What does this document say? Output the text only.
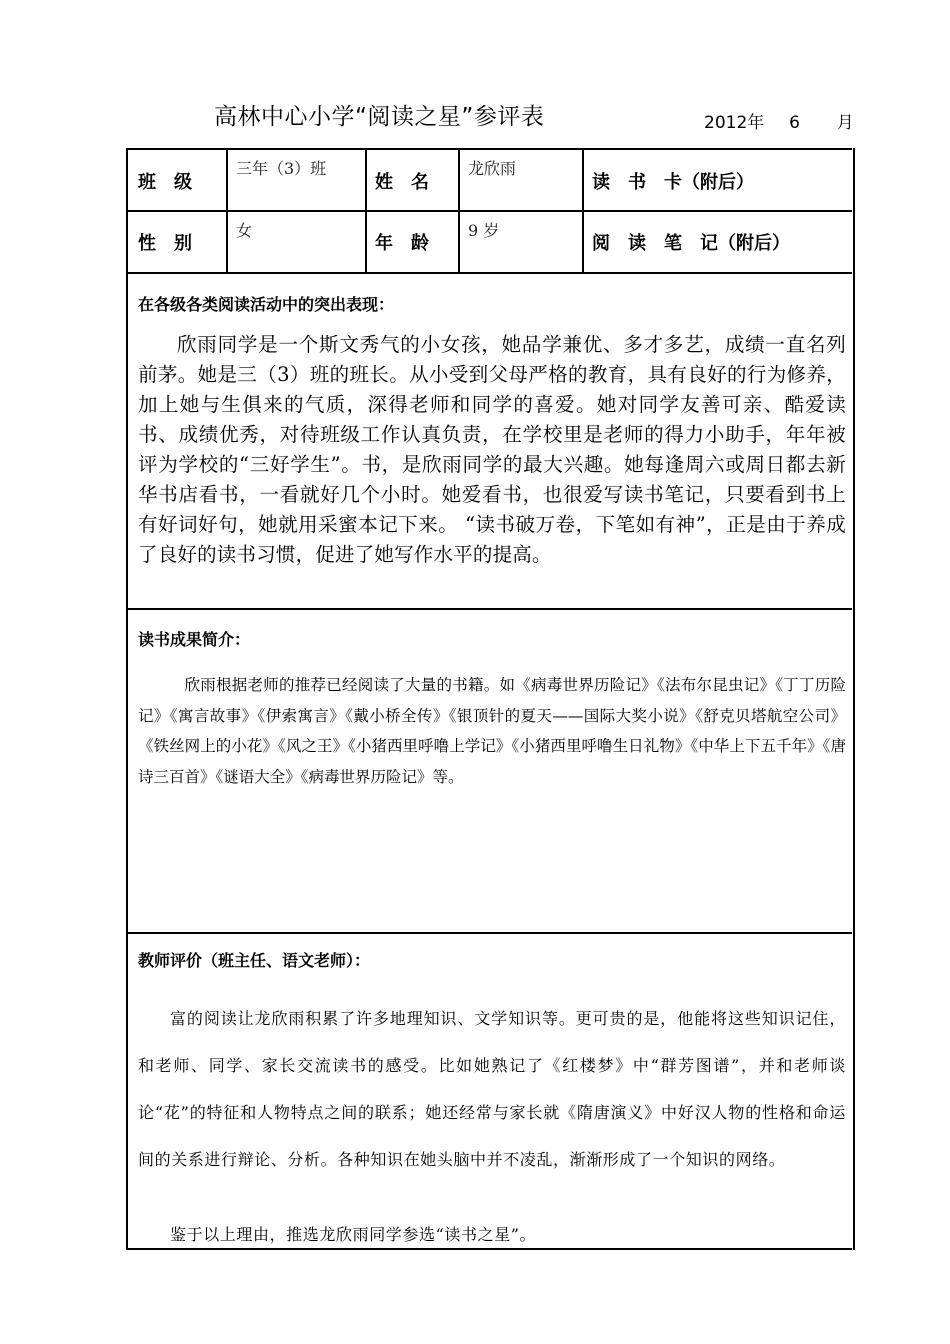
高林中心小学“阅读之星”参评表	2012年 6 月
班　级
三年（3）班
姓　名
龙欣雨
读　书　卡（附后）
性　别
女
年　龄
9 岁
阅　读　笔　记（附后）
在各级各类阅读活动中的突出表现：
欣雨同学是一个斯文秀气的小女孩，她品学兼优、多才多艺，成绩一直名列前茅。她是三（3）班的班长。从小受到父母严格的教育，具有良好的行为修养，加上她与生俱来的气质，深得老师和同学的喜爱。她对同学友善可亲、酷爱读书、成绩优秀，对待班级工作认真负责，在学校里是老师的得力小助手，年年被评为学校的“三好学生”。书，是欣雨同学的最大兴趣。她每逢周六或周日都去新华书店看书，一看就好几个小时。她爱看书，也很爱写读书笔记，只要看到书上有好词好句，她就用采蜜本记下来。 “读书破万卷，下笔如有神”，正是由于养成了良好的读书习惯，促进了她写作水平的提高。
读书成果简介：
欣雨根据老师的推荐已经阅读了大量的书籍。如《病毒世界历险记》《法布尔昆虫记》《丁丁历险记》《寓言故事》《伊索寓言》《戴小桥全传》《银顶针的夏天——国际大奖小说》《舒克贝塔航空公司》《铁丝网上的小花》《风之王》《小猪西里呼噜上学记》《小猪西里呼噜生日礼物》《中华上下五千年》《唐诗三百首》《谜语大全》《病毒世界历险记》等。
教师评价（班主任、语文老师）：
富的阅读让龙欣雨积累了许多地理知识、文学知识等。更可贵的是，他能将这些知识记住，和老师、同学、家长交流读书的感受。比如她熟记了《红楼梦》中“群芳图谱”，并和老师谈论“花”的特征和人物特点之间的联系；她还经常与家长就《隋唐演义》中好汉人物的性格和命运间的关系进行辩论、分析。各种知识在她头脑中并不凌乱，渐渐形成了一个知识的网络。
鉴于以上理由，推选龙欣雨同学参选“读书之星”。
